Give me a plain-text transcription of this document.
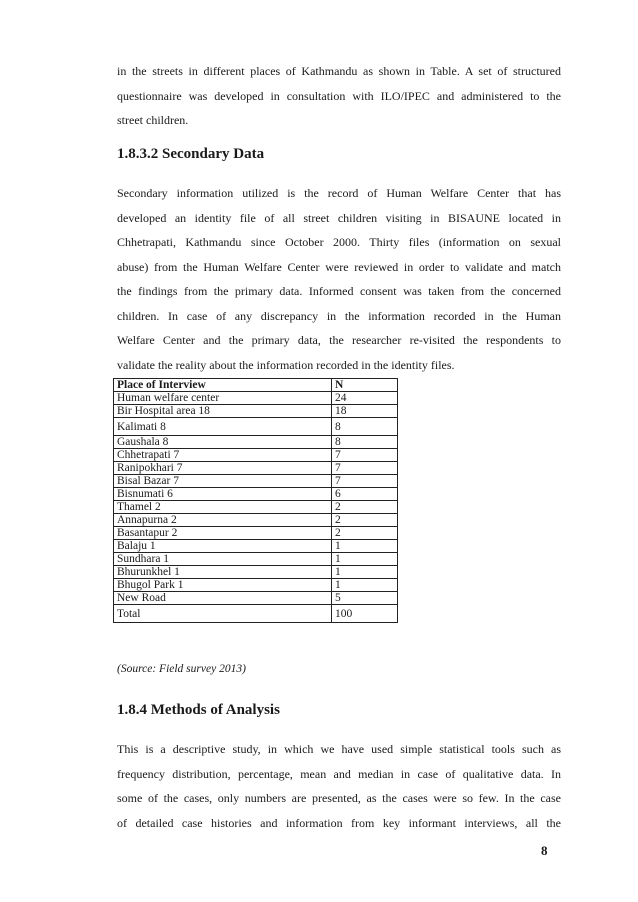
in the streets in different places of Kathmandu as shown in Table. A set of structured
questionnaire was developed in consultation with ILO/IPEC and administered to the
street children.

1.8.3.2 Secondary Data

Secondary information utilized is the record of Human Welfare Center that has
developed an identity file of all street children visiting in BISAUNE located in
Chhetrapati, Kathmandu since October 2000. Thirty files (information on sexual
abuse) from the Human Welfare Center were reviewed in order to validate and match
the findings from the primary data. Informed consent was taken from the concerned
children. In case of any discrepancy in the information recorded in the Human
Welfare Center and the primary data, the researcher re-visited the respondents to
validate the reality about the information recorded in the identity files.

Place of Interview	N
Human welfare center	24
Bir Hospital area 18	18
Kalimati 8	8
Gaushala 8	8
Chhetrapati 7	7
Ranipokhari 7	7
Bisal Bazar 7	7
Bisnumati 6	6
Thamel 2	2
Annapurna 2	2
Basantapur 2	2
Balaju 1	1
Sundhara 1	1
Bhurunkhel 1	1
Bhugol Park 1	1
New Road	5
Total	100
(Source: Field survey 2013)
1.8.4 Methods of Analysis

This is a descriptive study, in which we have used simple statistical tools such as
frequency distribution, percentage, mean and median in case of qualitative data. In
some of the cases, only numbers are presented, as the cases were so few. In the case
of detailed case histories and information from key informant interviews, all the

8
